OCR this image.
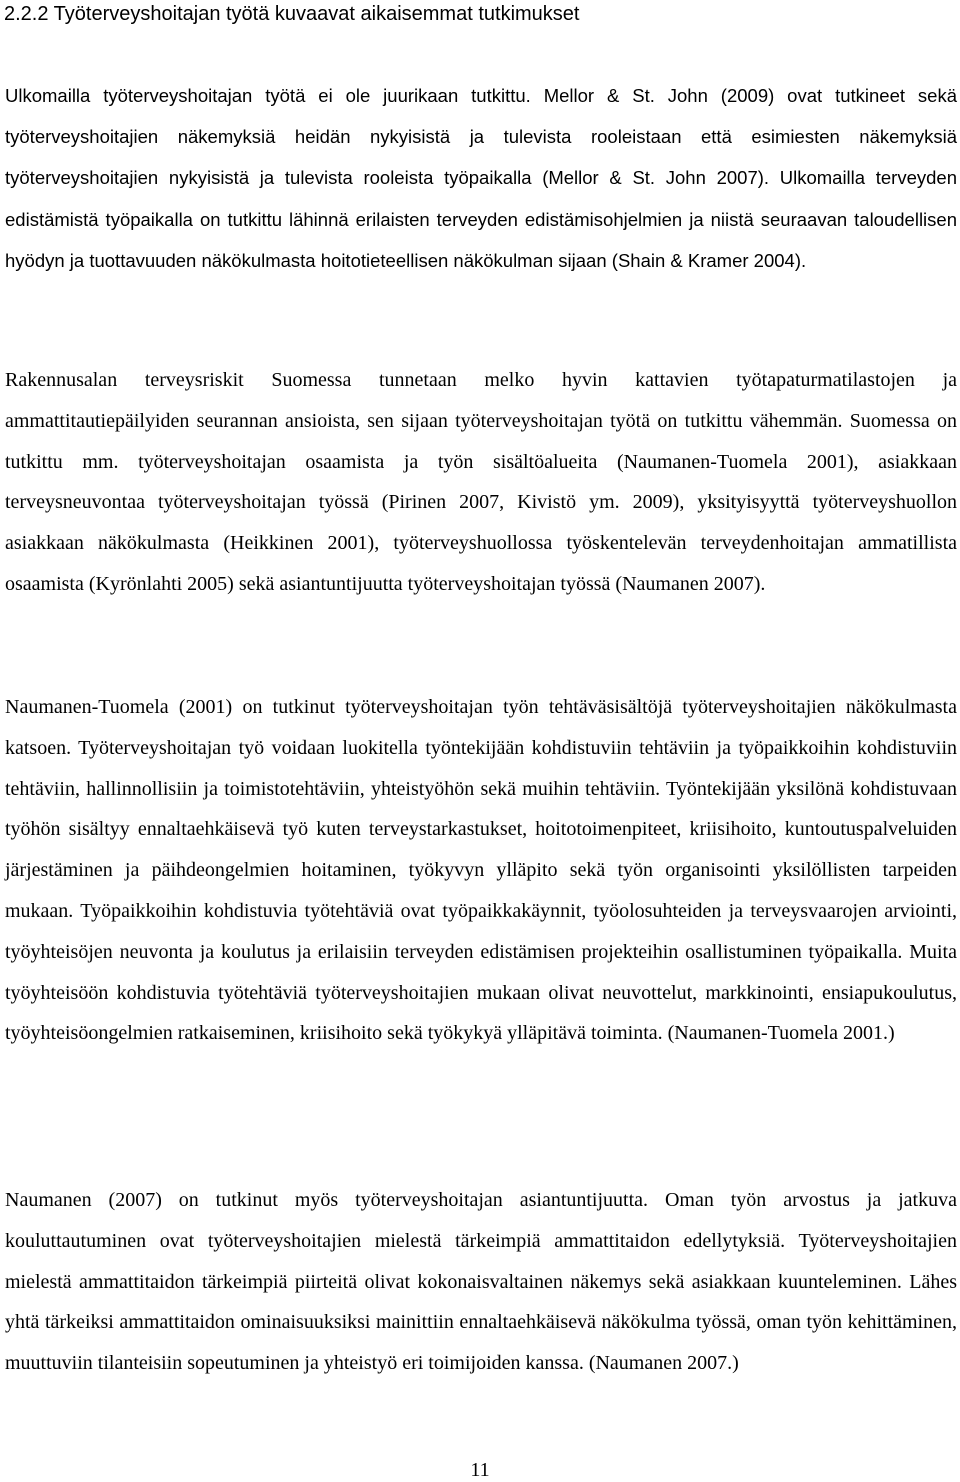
2.2.2 Työterveyshoitajan työtä kuvaavat aikaisemmat tutkimukset

Ulkomailla työterveyshoitajan työtä ei ole juurikaan tutkittu. Mellor & St. John (2009) ovat tutkineet sekä työterveyshoitajien näkemyksiä heidän nykyisistä ja tulevista rooleistaan että esimiesten näkemyksiä työterveyshoitajien nykyisistä ja tulevista rooleista työpaikalla (Mellor & St. John 2007). Ulkomailla terveyden edistämistä työpaikalla on tutkittu lähinnä erilaisten terveyden edistämisohjelmien ja niistä seuraavan taloudellisen hyödyn ja tuottavuuden näkökulmasta hoitotieteellisen näkökulman sijaan (Shain & Kramer 2004).

Rakennusalan terveysriskit Suomessa tunnetaan melko hyvin kattavien työtapaturmatilastojen ja ammattitautiepäilyiden seurannan ansioista, sen sijaan työterveyshoitajan työtä on tutkittu vähemmän. Suomessa on tutkittu mm. työterveyshoitajan osaamista ja työn sisältöalueita (Naumanen-Tuomela 2001), asiakkaan terveysneuvontaa työterveyshoitajan työssä (Pirinen 2007, Kivistö ym. 2009), yksityisyyttä työterveyshuollon asiakkaan näkökulmasta (Heikkinen 2001), työterveyshuollossa työskentelevän terveydenhoitajan ammatillista osaamista (Kyrönlahti 2005) sekä asiantuntijuutta työterveyshoitajan työssä (Naumanen 2007).

Naumanen-Tuomela (2001) on tutkinut työterveyshoitajan työn tehtäväsisältöjä työterveyshoitajien näkökulmasta katsoen. Työterveyshoitajan työ voidaan luokitella työntekijään kohdistuviin tehtäviin ja työpaikkoihin kohdistuviin tehtäviin, hallinnollisiin ja toimistotehtäviin, yhteistyöhön sekä muihin tehtäviin. Työntekijään yksilönä kohdistuvaan työhön sisältyy ennaltaehkäisevä työ kuten terveystarkastukset, hoitotoimenpiteet, kriisihoito, kuntoutuspalveluiden järjestäminen ja päihdeongelmien hoitaminen, työkyvyn ylläpito sekä työn organisointi yksilöllisten tarpeiden mukaan. Työpaikkoihin kohdistuvia työtehtäviä ovat työpaikkakäynnit, työolosuhteiden ja terveysvaarojen arviointi, työyhteisöjen neuvonta ja koulutus ja erilaisiin terveyden edistämisen projekteihin osallistuminen työpaikalla. Muita työyhteisöön kohdistuvia työtehtäviä työterveyshoitajien mukaan olivat neuvottelut, markkinointi, ensiapukoulutus, työyhteisöongelmien ratkaiseminen, kriisihoito sekä työkykyä ylläpitävä toiminta. (Naumanen-Tuomela 2001.)

Naumanen (2007) on tutkinut myös työterveyshoitajan asiantuntijuutta. Oman työn arvostus ja jatkuva kouluttautuminen ovat työterveyshoitajien mielestä tärkeimpiä ammattitaidon edellytyksiä. Työterveyshoitajien mielestä ammattitaidon tärkeimpiä piirteitä olivat kokonaisvaltainen näkemys sekä asiakkaan kuunteleminen. Lähes yhtä tärkeiksi ammattitaidon ominaisuuksiksi mainittiin ennaltaehkäisevä näkökulma työssä, oman työn kehittäminen, muuttuviin tilanteisiin sopeutuminen ja yhteistyö eri toimijoiden kanssa. (Naumanen 2007.)

11
